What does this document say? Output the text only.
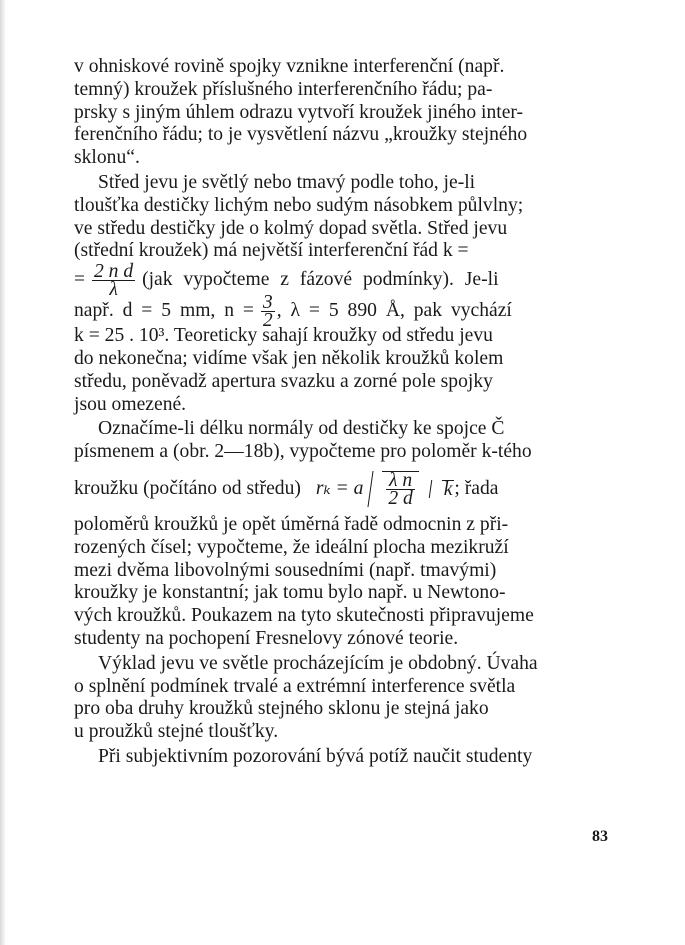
v ohniskové rovině spojky vznikne interferenční (např.
temný) kroužek příslušného interferenčního řádu; pa-
prsky s jiným úhlem odrazu vytvoří kroužek jiného inter-
ferenčního řádu; to je vysvětlení názvu „kroužky stejného
sklonu“.

Střed jevu je světlý nebo tmavý podle toho, je-li
tloušťka destičky lichým nebo sudým násobkem půlvlny;
ve středu destičky jde o kolmý dopad světla. Střed jevu
(střední kroužek) má největší interferenční řád k =

= $\frac{\text{2 n d}}{\lambda} (jak$ vypočteme z fázové podmínky). Je-li
např. d = 5 mm, $n = \frac{3}{2}$ , λ = 5 890 Å, pak vychází

k = 25 . 10³. Teoreticky sahají kroužky od středu jevu
do nekonečna; vidíme však jen několik kroužků kolem
středu, poněvadž apertura svazku a zorné pole spojky
jsou omezené.

Označíme-li délku normály od destičky ke spojce Č
písmenem a (obr. 2—18b), vypočteme pro poloměr k-tého

kroužku (počítáno od středu) rₖ = a $\frac{\text{λ n}}{2 d}$ k ; řada

poloměrů kroužků je opět úměrná řadě odmocnin z při-
rozených čísel; vypočteme, že ideální plocha mezikruží
mezi dvěma libovolnými sousedními (např. tmavými)
kroužky je konstantní; jak tomu bylo např. u Newtono-
vých kroužků. Poukazem na tyto skutečnosti připravujeme
studenty na pochopení Fresnelovy zónové teorie.

Výklad jevu ve světle procházejícím je obdobný. Úvaha
o splnění podmínek trvalé a extrémní interference světla
pro oba druhy kroužků stejného sklonu je stejná jako
u proužků stejné tloušťky.

Při subjektivním pozorování bývá potíž naučit studenty

83
